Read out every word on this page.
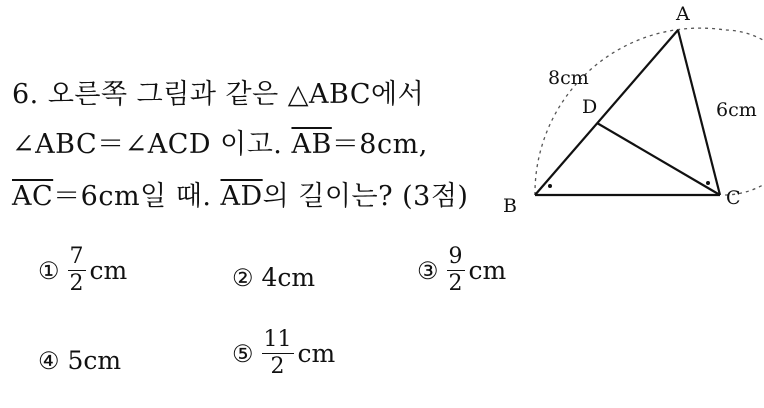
6. 오른쪽 그림과 같은 △ABC에서
∠ABC＝∠ACD 이고. $\overline{AB}=8cm$,
$\overline{AC}=6cm$일 때. $\overline{AD}$의 길이는? (3점)
① $\frac{7}{2}$ cm	② 4cm	③ $\frac{9}{2}$ cm
④ 5cm	⑤ $\frac{11}{2}$ cm
A
B	C
D
8cm
6cm
